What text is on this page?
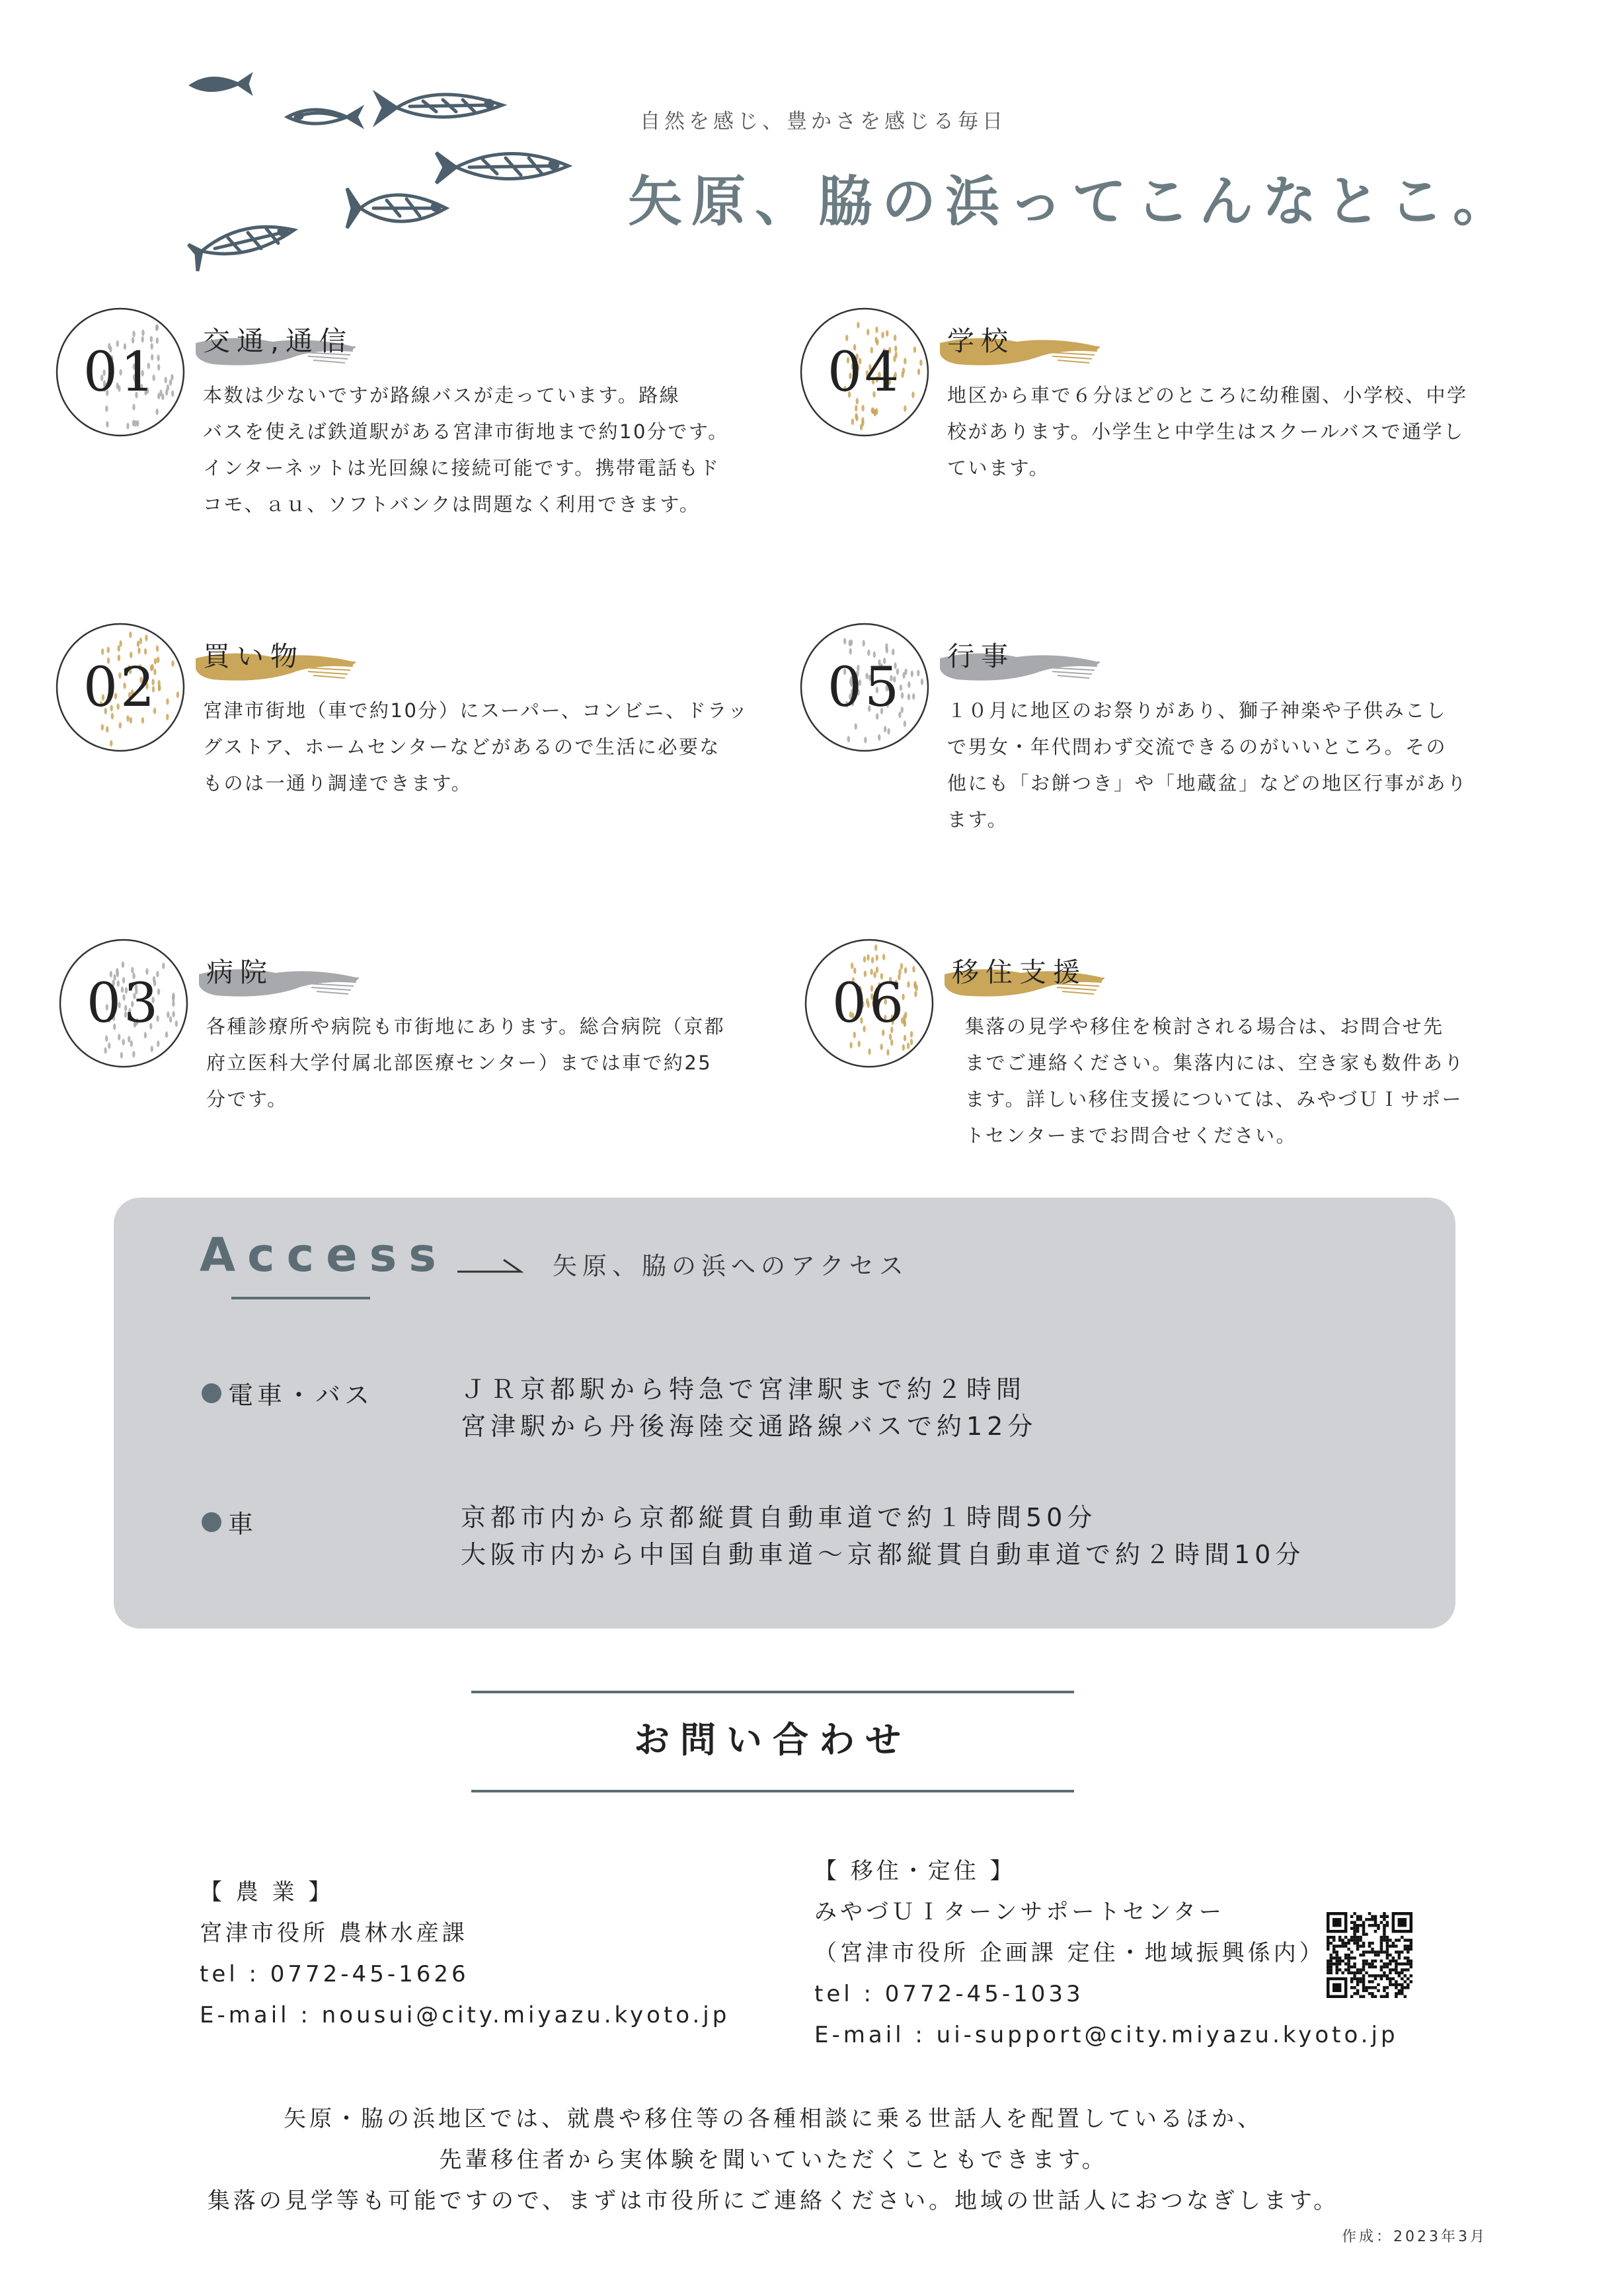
自然を感じ、豊かさを感じる毎日
矢原、脇の浜ってこんなとこ。
01	交通,通信
本数は少ないですが路線バスが走っています。路線
バスを使えば鉄道駅がある宮津市街地まで約10分です。
インターネットは光回線に接続可能です。携帯電話もド
コモ、ａｕ、ソフトバンクは問題なく利用できます。
04	学校
地区から車で６分ほどのところに幼稚園、小学校、中学
校があります。小学生と中学生はスクールバスで通学し
ています。
02	買い物
宮津市街地（車で約10分）にスーパー、コンビニ、ドラッ
グストア、ホームセンターなどがあるので生活に必要な
ものは一通り調達できます。
05	行事
１０月に地区のお祭りがあり、獅子神楽や子供みこし
で男女・年代問わず交流できるのがいいところ。その
他にも「お餅つき」や「地蔵盆」などの地区行事があり
ます。
03	病院
各種診療所や病院も市街地にあります。総合病院（京都
府立医科大学付属北部医療センター）までは車で約25
分です。
06	移住支援
集落の見学や移住を検討される場合は、お問合せ先
までご連絡ください。集落内には、空き家も数件あり
ます。詳しい移住支援については、みやづＵＩサポー
トセンターまでお問合せください。
Access	矢原、脇の浜へのアクセス
電車・バス	ＪＲ京都駅から特急で宮津駅まで約２時間
宮津駅から丹後海陸交通路線バスで約12分
車	京都市内から京都縦貫自動車道で約１時間50分
大阪市内から中国自動車道〜京都縦貫自動車道で約２時間10分
お問い合わせ
【 農 業 】
宮津市役所 農林水産課
tel : 0772-45-1626
E-mail : nousui@city.miyazu.kyoto.jp
【 移住・定住 】
みやづＵＩターンサポートセンター
（宮津市役所 企画課 定住・地域振興係内）
tel : 0772-45-1033
E-mail : ui-support@city.miyazu.kyoto.jp
矢原・脇の浜地区では、就農や移住等の各種相談に乗る世話人を配置しているほか、
先輩移住者から実体験を聞いていただくこともできます。
集落の見学等も可能ですので、まずは市役所にご連絡ください。地域の世話人におつなぎします。
作成：2023年3月
